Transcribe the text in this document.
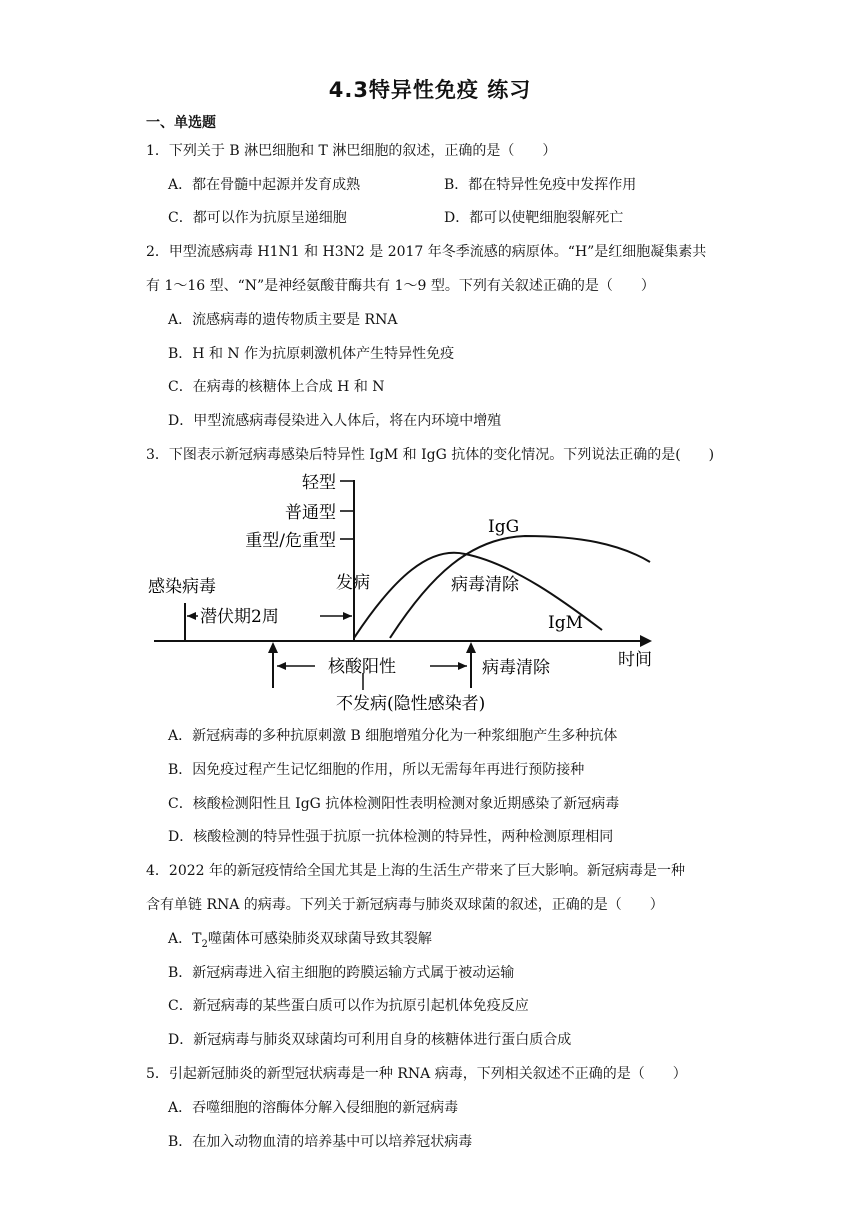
4.3特异性免疫 练习
一、单选题
1．下列关于 B 淋巴细胞和 T 淋巴细胞的叙述，正确的是（　　）
A．都在骨髓中起源并发育成熟	B．都在特异性免疫中发挥作用
C．都可以作为抗原呈递细胞	D．都可以使靶细胞裂解死亡
2．甲型流感病毒 H1N1 和 H3N2 是 2017 年冬季流感的病原体。“H”是红细胞凝集素共
有 1～16 型、“N”是神经氨酸苷酶共有 1～9 型。下列有关叙述正确的是（　　）
A．流感病毒的遗传物质主要是 RNA
B．H 和 N 作为抗原刺激机体产生特异性免疫
C．在病毒的核糖体上合成 H 和 N
D．甲型流感病毒侵染进入人体后，将在内环境中增殖
3．下图表示新冠病毒感染后特异性 IgM 和 IgG 抗体的变化情况。下列说法正确的是(　　)
轻型
普通型
重型/危重型
感染病毒	发病
潜伏期2周
IgG
病毒清除
IgM
时间
核酸阳性	病毒清除
不发病(隐性感染者)
A．新冠病毒的多种抗原刺激 B 细胞增殖分化为一种浆细胞产生多种抗体
B．因免疫过程产生记忆细胞的作用，所以无需每年再进行预防接种
C．核酸检测阳性且 IgG 抗体检测阳性表明检测对象近期感染了新冠病毒
D．核酸检测的特异性强于抗原一抗体检测的特异性，两种检测原理相同
4．2022 年的新冠疫情给全国尤其是上海的生活生产带来了巨大影响。新冠病毒是一种
含有单链 RNA 的病毒。下列关于新冠病毒与肺炎双球菌的叙述，正确的是（　　）
A．$T_2$噬菌体可感染肺炎双球菌导致其裂解
B．新冠病毒进入宿主细胞的跨膜运输方式属于被动运输
C．新冠病毒的某些蛋白质可以作为抗原引起机体免疫反应
D．新冠病毒与肺炎双球菌均可利用自身的核糖体进行蛋白质合成
5．引起新冠肺炎的新型冠状病毒是一种 RNA 病毒，下列相关叙述不正确的是（　　）
A．吞噬细胞的溶酶体分解入侵细胞的新冠病毒
B．在加入动物血清的培养基中可以培养冠状病毒
